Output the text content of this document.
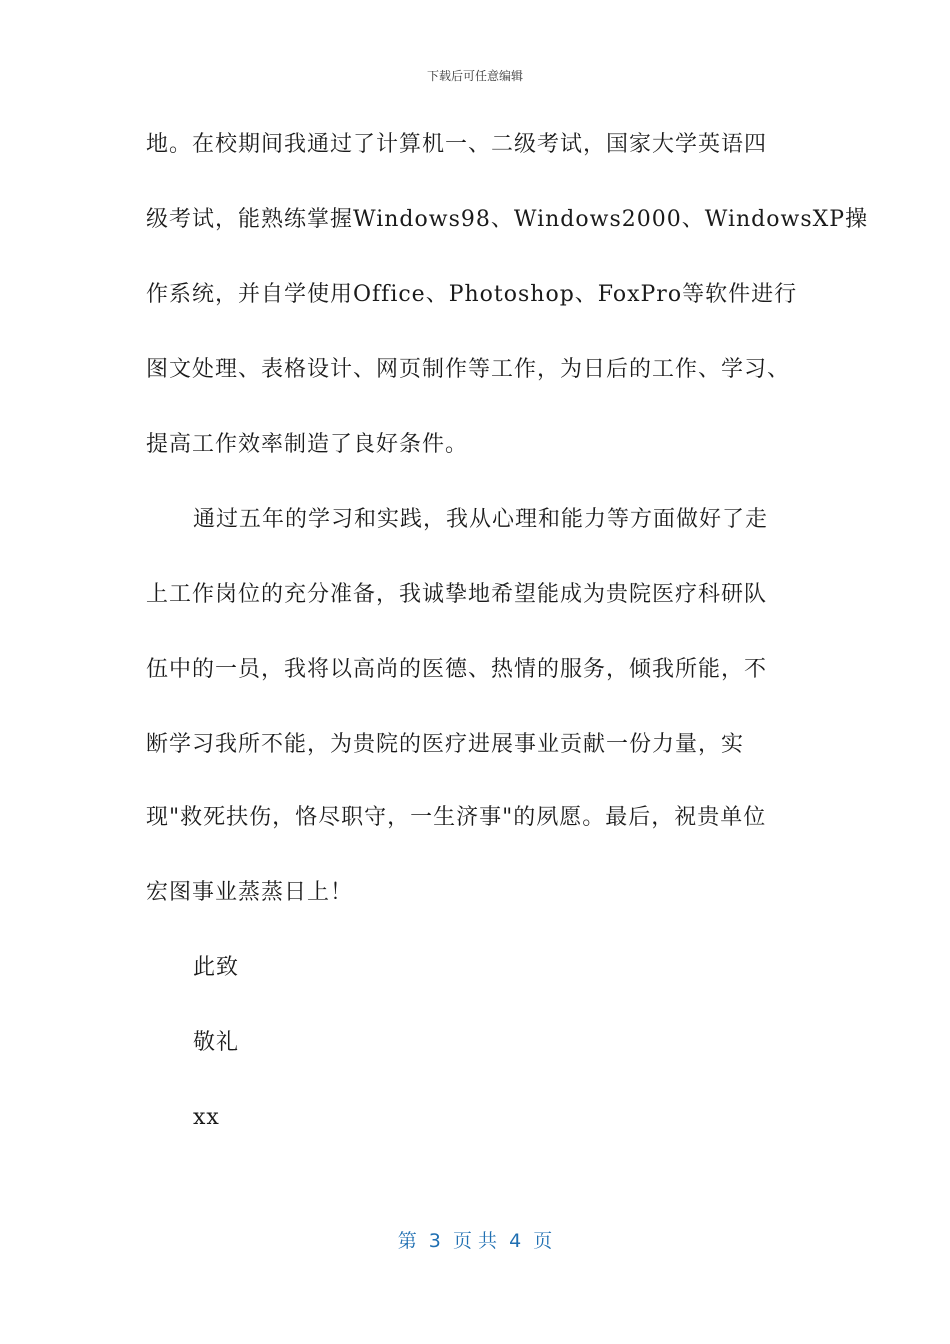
下载后可任意编辑
地。在校期间我通过了计算机一、二级考试，国家大学英语四
级考试，能熟练掌握Windows98、Windows2000、WindowsXP操
作系统，并自学使用Office、Photoshop、FoxPro等软件进行
图文处理、表格设计、网页制作等工作，为日后的工作、学习、
提高工作效率制造了良好条件。
通过五年的学习和实践，我从心理和能力等方面做好了走
上工作岗位的充分准备，我诚挚地希望能成为贵院医疗科研队
伍中的一员，我将以高尚的医德、热情的服务，倾我所能，不
断学习我所不能，为贵院的医疗进展事业贡献一份力量，实
现"救死扶伤，恪尽职守，一生济事"的夙愿。最后，祝贵单位
宏图事业蒸蒸日上！
此致
敬礼
xx
第  3  页 共  4  页
